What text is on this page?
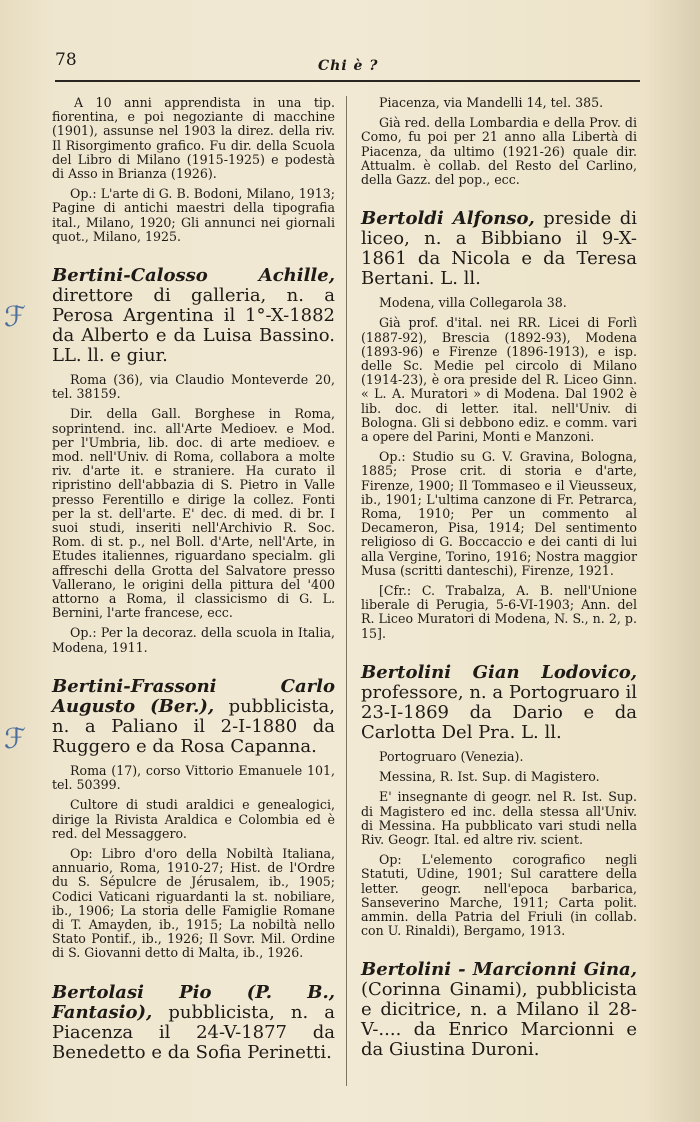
78	Chi è ?
ℱ
ℱ

A 10 anni apprendista in una tip. fiorentina, e poi negoziante di macchine (1901), assunse nel 1903 la direz. della riv. Il Risorgimento grafico. Fu dir. della Scuola del Libro di Milano (1915-1925) e podestà di Asso in Brianza (1926).

Op.: L'arte di G. B. Bodoni, Milano, 1913; Pagine di antichi maestri della tipografia ital., Milano, 1920; Gli annunci nei giornali quot., Milano, 1925.

Bertini-Calosso Achille, direttore di galleria, n. a Perosa Argentina il 1°-X-1882 da Alberto e da Luisa Bassino. LL. ll. e giur.

Roma (36), via Claudio Monteverde 20, tel. 38159.

Dir. della Gall. Borghese in Roma, soprintend. inc. all'Arte Medioev. e Mod. per l'Umbria, lib. doc. di arte medioev. e mod. nell'Univ. di Roma, collabora a molte riv. d'arte it. e straniere. Ha curato il ripristino dell'abbazia di S. Pietro in Valle presso Ferentillo e dirige la collez. Fonti per la st. dell'arte. E' dec. di med. di br. I suoi studi, inseriti nell'Archivio R. Soc. Rom. di st. p., nel Boll. d'Arte, nell'Arte, in Etudes italiennes, riguardano specialm. gli affreschi della Grotta del Salvatore presso Vallerano, le origini della pittura del '400 attorno a Roma, il classicismo di G. L. Bernini, l'arte francese, ecc.

Op.: Per la decoraz. della scuola in Italia, Modena, 1911.

Bertini-Frassoni Carlo Augusto (Ber.), pubblicista, n. a Paliano il 2-I-1880 da Ruggero e da Rosa Capanna.

Roma (17), corso Vittorio Emanuele 101, tel. 50399.

Cultore di studi araldici e genealogici, dirige la Rivista Araldica e Colombia ed è red. del Messaggero.

Op: Libro d'oro della Nobiltà Italiana, annuario, Roma, 1910-27; Hist. de l'Ordre du S. Sépulcre de Jérusalem, ib., 1905; Codici Vaticani riguardanti la st. nobiliare, ib., 1906; La storia delle Famiglie Romane di T. Amayden, ib., 1915; La nobiltà nello Stato Pontif., ib., 1926; Il Sovr. Mil. Ordine di S. Giovanni detto di Malta, ib., 1926.

Bertolasi Pio (P. B., Fantasio), pubblicista, n. a Piacenza il 24-V-1877 da Benedetto e da Sofia Perinetti.

Piacenza, via Mandelli 14, tel. 385.

Già red. della Lombardia e della Prov. di Como, fu poi per 21 anno alla Libertà di Piacenza, da ultimo (1921-26) quale dir. Attualm. è collab. del Resto del Carlino, della Gazz. del pop., ecc.

Bertoldi Alfonso, preside di liceo, n. a Bibbiano il 9-X-1861 da Nicola e da Teresa Bertani. L. ll.

Modena, villa Collegarola 38.

Già prof. d'ital. nei RR. Licei di Forlì (1887-92), Brescia (1892-93), Modena (1893-96) e Firenze (1896-1913), e isp. delle Sc. Medie pel circolo di Milano (1914-23), è ora preside del R. Liceo Ginn. « L. A. Muratori » di Modena. Dal 1902 è lib. doc. di letter. ital. nell'Univ. di Bologna. Gli si debbono ediz. e comm. vari a opere del Parini, Monti e Manzoni.

Op.: Studio su G. V. Gravina, Bologna, 1885; Prose crit. di storia e d'arte, Firenze, 1900; Il Tommaseo e il Vieusseux, ib., 1901; L'ultima canzone di Fr. Petrarca, Roma, 1910; Per un commento al Decameron, Pisa, 1914; Del sentimento religioso di G. Boccaccio e dei canti di lui alla Vergine, Torino, 1916; Nostra maggior Musa (scritti danteschi), Firenze, 1921.

[Cfr.: C. Trabalza, A. B. nell'Unione liberale di Perugia, 5-6-VI-1903; Ann. del R. Liceo Muratori di Modena, N. S., n. 2, p. 15].

Bertolini Gian Lodovico, professore, n. a Portogruaro il 23-I-1869 da Dario e da Carlotta Del Pra. L. ll.

Portogruaro (Venezia).

Messina, R. Ist. Sup. di Magistero.

E' insegnante di geogr. nel R. Ist. Sup. di Magistero ed inc. della stessa all'Univ. di Messina. Ha pubblicato vari studi nella Riv. Geogr. Ital. ed altre riv. scient.

Op: L'elemento corografico negli Statuti, Udine, 1901; Sul carattere della letter. geogr. nell'epoca barbarica, Sanseverino Marche, 1911; Carta polit. ammin. della Patria del Friuli (in collab. con U. Rinaldi), Bergamo, 1913.

Bertolini - Marcionni Gina, (Corinna Ginami), pubblicista e dicitrice, n. a Milano il 28-V-.... da Enrico Marcionni e da Giustina Duroni.
